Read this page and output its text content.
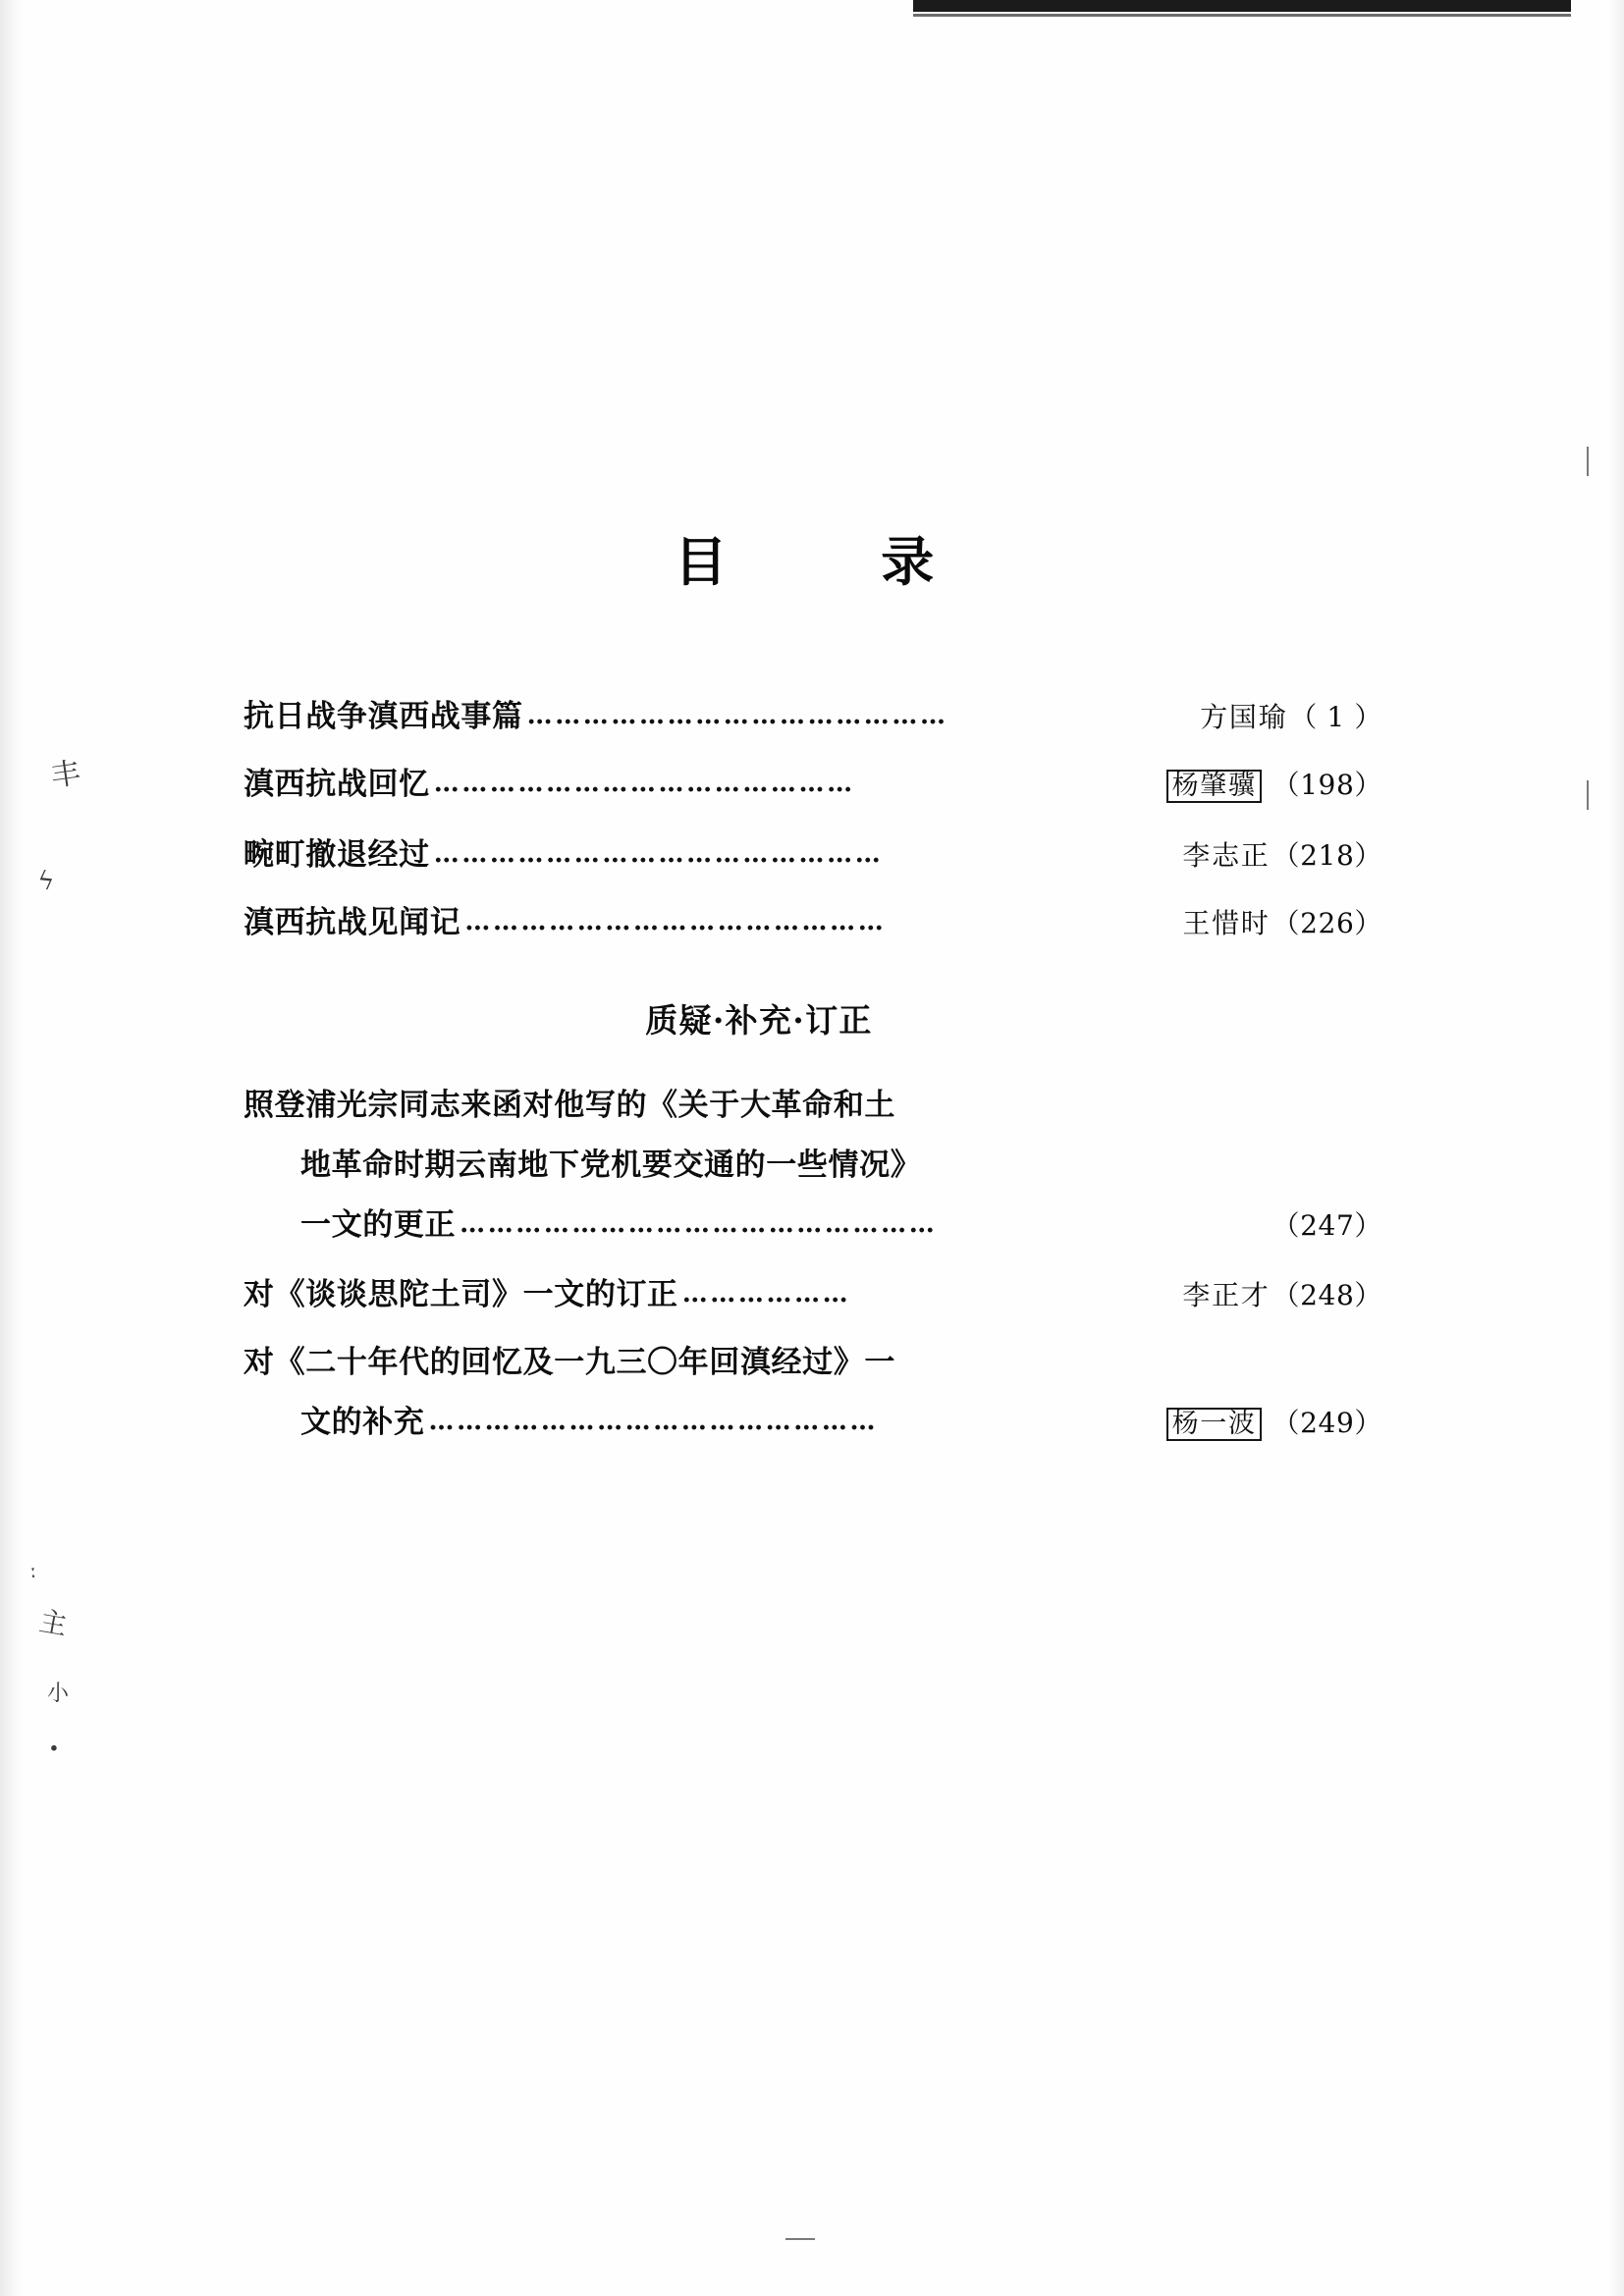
丰
ϟ
ː
主
小
∙
目　　录
抗日战争滇西战事篇 ………………………………………	方国瑜 （ 1 ）
滇西抗战回忆 ………………………………………	杨肇骥 （198）
畹町撤退经过 …………………………………………	李志正 （218）
滇西抗战见闻记 ………………………………………	王惜时 （226）
质疑·补充·订正
照登浦光宗同志来函对他写的《关于大革命和土
地革命时期云南地下党机要交通的一些情况》
一文的更正 ……………………………………………	（247）
对《谈谈思陀土司》一文的订正 ………………	李正才 （248）
对《二十年代的回忆及一九三〇年回滇经过》一
文的补充 …………………………………………	杨一波 （249）
